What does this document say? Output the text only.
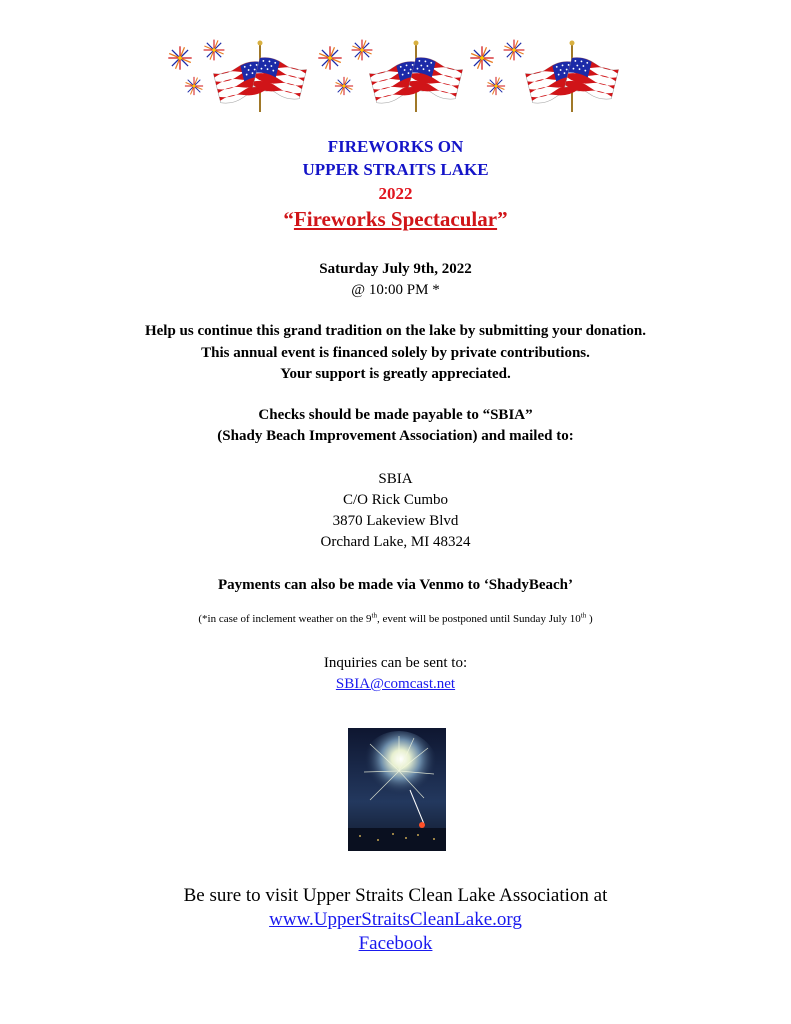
FIREWORKS ON
UPPER STRAITS LAKE
2022
“Fireworks Spectacular”
Saturday July 9th, 2022
@ 10:00 PM *
Help us continue this grand tradition on the lake by submitting your donation.
This annual event is financed solely by private contributions.
Your support is greatly appreciated.
Checks should be made payable to “SBIA”
(Shady Beach Improvement Association) and mailed to:
SBIA
C/O Rick Cumbo
3870 Lakeview Blvd
Orchard Lake, MI 48324
Payments can also be made via Venmo to ‘ShadyBeach’
(*in case of inclement weather on the 9th, event will be postponed until Sunday July 10th )
Inquiries can be sent to:
SBIA@comcast.net
Be sure to visit Upper Straits Clean Lake Association at
www.UpperStraitsCleanLake.org
Facebook
